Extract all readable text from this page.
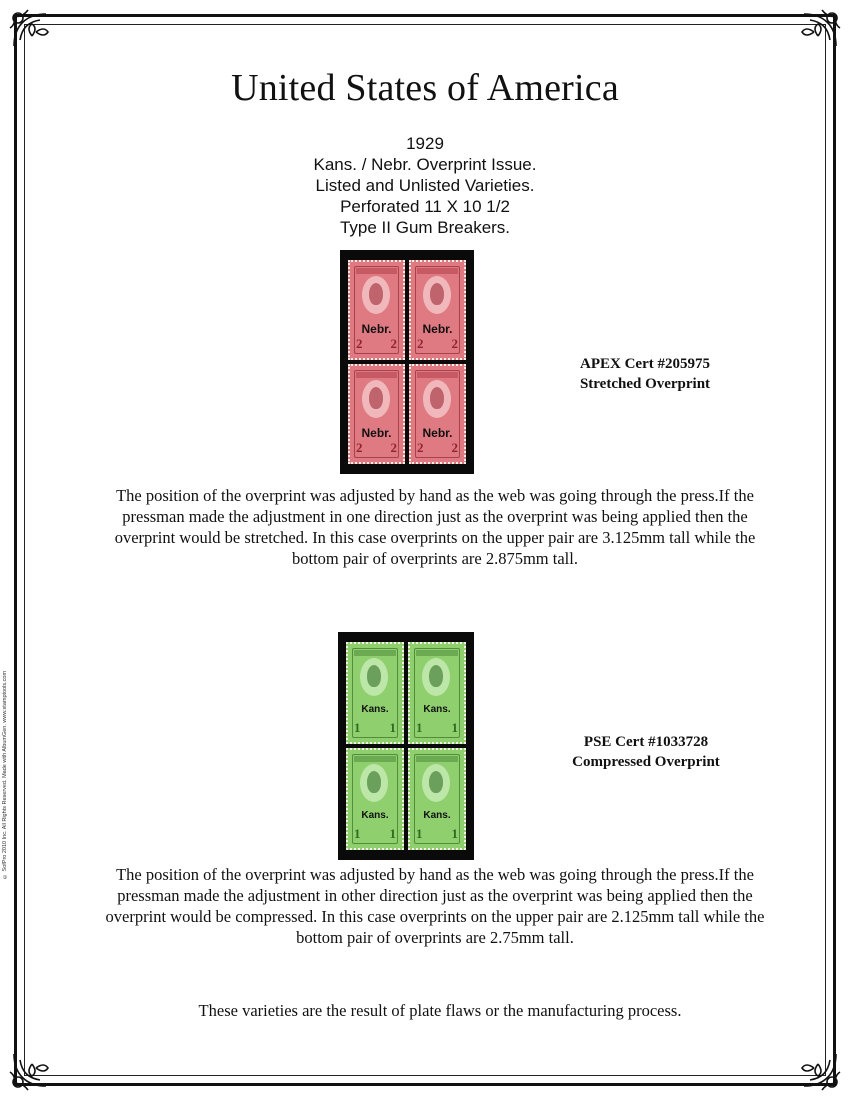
© SofPro 2010 Inc. All Rights Reserved. Made with AlbumGen. www.stamptools.com
United States of America
1929
Kans. / Nebr. Overprint Issue.
Listed and Unlisted Varieties.
Perforated 11 X 10 1/2
Type II Gum Breakers.
Nebr.
2 2
Nebr.
2 2
Nebr.
2 2
Nebr.
2 2
APEX Cert #205975
Stretched Overprint
The position of the overprint was adjusted by hand as the web was going through the press.If the pressman made the adjustment in one direction just as the overprint was being applied then the overprint would be stretched. In this case overprints on the upper pair are 3.125mm tall while the bottom pair of overprints are 2.875mm tall.
Kans.
1 1
Kans.
1 1
Kans.
1 1
Kans.
1 1
PSE Cert #1033728
Compressed Overprint
The position of the overprint was adjusted by hand as the web was going through the press.If the pressman made the adjustment in other direction just as the overprint was being applied then the overprint would be compressed. In this case overprints on the upper pair are 2.125mm tall while the bottom pair of overprints are 2.75mm tall.
These varieties are the result of plate flaws or the manufacturing process.
